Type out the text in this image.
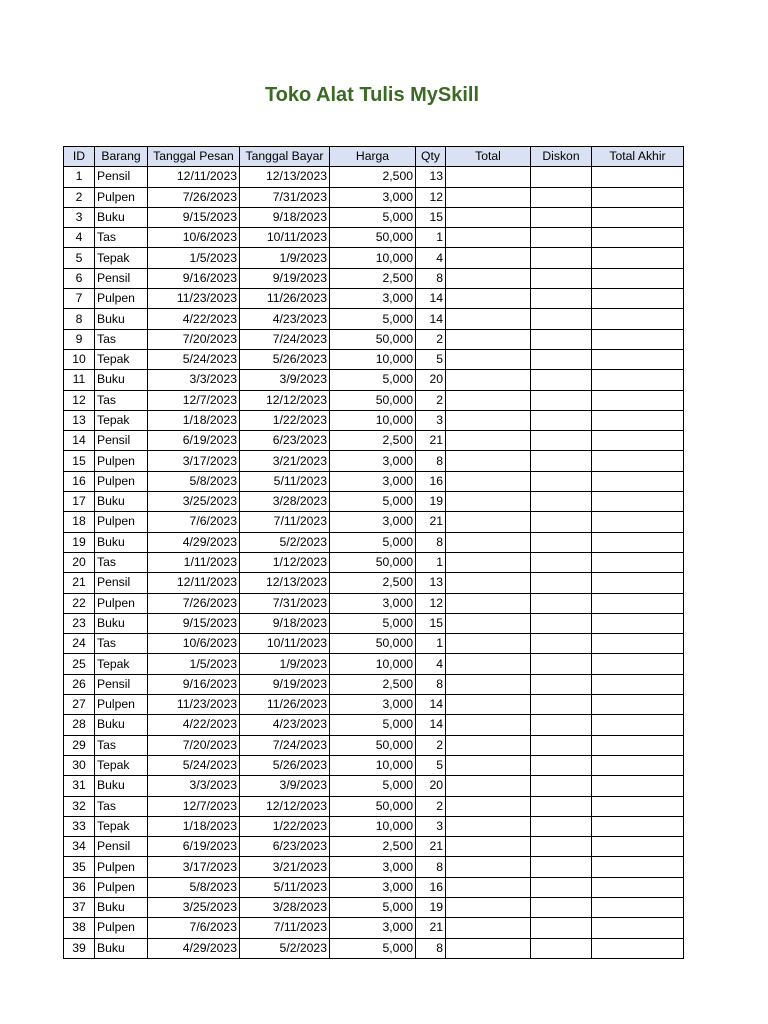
Toko Alat Tulis MySkill
ID	Barang	Tanggal Pesan	Tanggal Bayar	Harga	Qty	Total	Diskon	Total Akhir
1	Pensil	12/11/2023	12/13/2023	2,500	13			
2	Pulpen	7/26/2023	7/31/2023	3,000	12			
3	Buku	9/15/2023	9/18/2023	5,000	15			
4	Tas	10/6/2023	10/11/2023	50,000	1			
5	Tepak	1/5/2023	1/9/2023	10,000	4			
6	Pensil	9/16/2023	9/19/2023	2,500	8			
7	Pulpen	11/23/2023	11/26/2023	3,000	14			
8	Buku	4/22/2023	4/23/2023	5,000	14			
9	Tas	7/20/2023	7/24/2023	50,000	2			
10	Tepak	5/24/2023	5/26/2023	10,000	5			
11	Buku	3/3/2023	3/9/2023	5,000	20			
12	Tas	12/7/2023	12/12/2023	50,000	2			
13	Tepak	1/18/2023	1/22/2023	10,000	3			
14	Pensil	6/19/2023	6/23/2023	2,500	21			
15	Pulpen	3/17/2023	3/21/2023	3,000	8			
16	Pulpen	5/8/2023	5/11/2023	3,000	16			
17	Buku	3/25/2023	3/28/2023	5,000	19			
18	Pulpen	7/6/2023	7/11/2023	3,000	21			
19	Buku	4/29/2023	5/2/2023	5,000	8			
20	Tas	1/11/2023	1/12/2023	50,000	1			
21	Pensil	12/11/2023	12/13/2023	2,500	13			
22	Pulpen	7/26/2023	7/31/2023	3,000	12			
23	Buku	9/15/2023	9/18/2023	5,000	15			
24	Tas	10/6/2023	10/11/2023	50,000	1			
25	Tepak	1/5/2023	1/9/2023	10,000	4			
26	Pensil	9/16/2023	9/19/2023	2,500	8			
27	Pulpen	11/23/2023	11/26/2023	3,000	14			
28	Buku	4/22/2023	4/23/2023	5,000	14			
29	Tas	7/20/2023	7/24/2023	50,000	2			
30	Tepak	5/24/2023	5/26/2023	10,000	5			
31	Buku	3/3/2023	3/9/2023	5,000	20			
32	Tas	12/7/2023	12/12/2023	50,000	2			
33	Tepak	1/18/2023	1/22/2023	10,000	3			
34	Pensil	6/19/2023	6/23/2023	2,500	21			
35	Pulpen	3/17/2023	3/21/2023	3,000	8			
36	Pulpen	5/8/2023	5/11/2023	3,000	16			
37	Buku	3/25/2023	3/28/2023	5,000	19			
38	Pulpen	7/6/2023	7/11/2023	3,000	21			
39	Buku	4/29/2023	5/2/2023	5,000	8			
